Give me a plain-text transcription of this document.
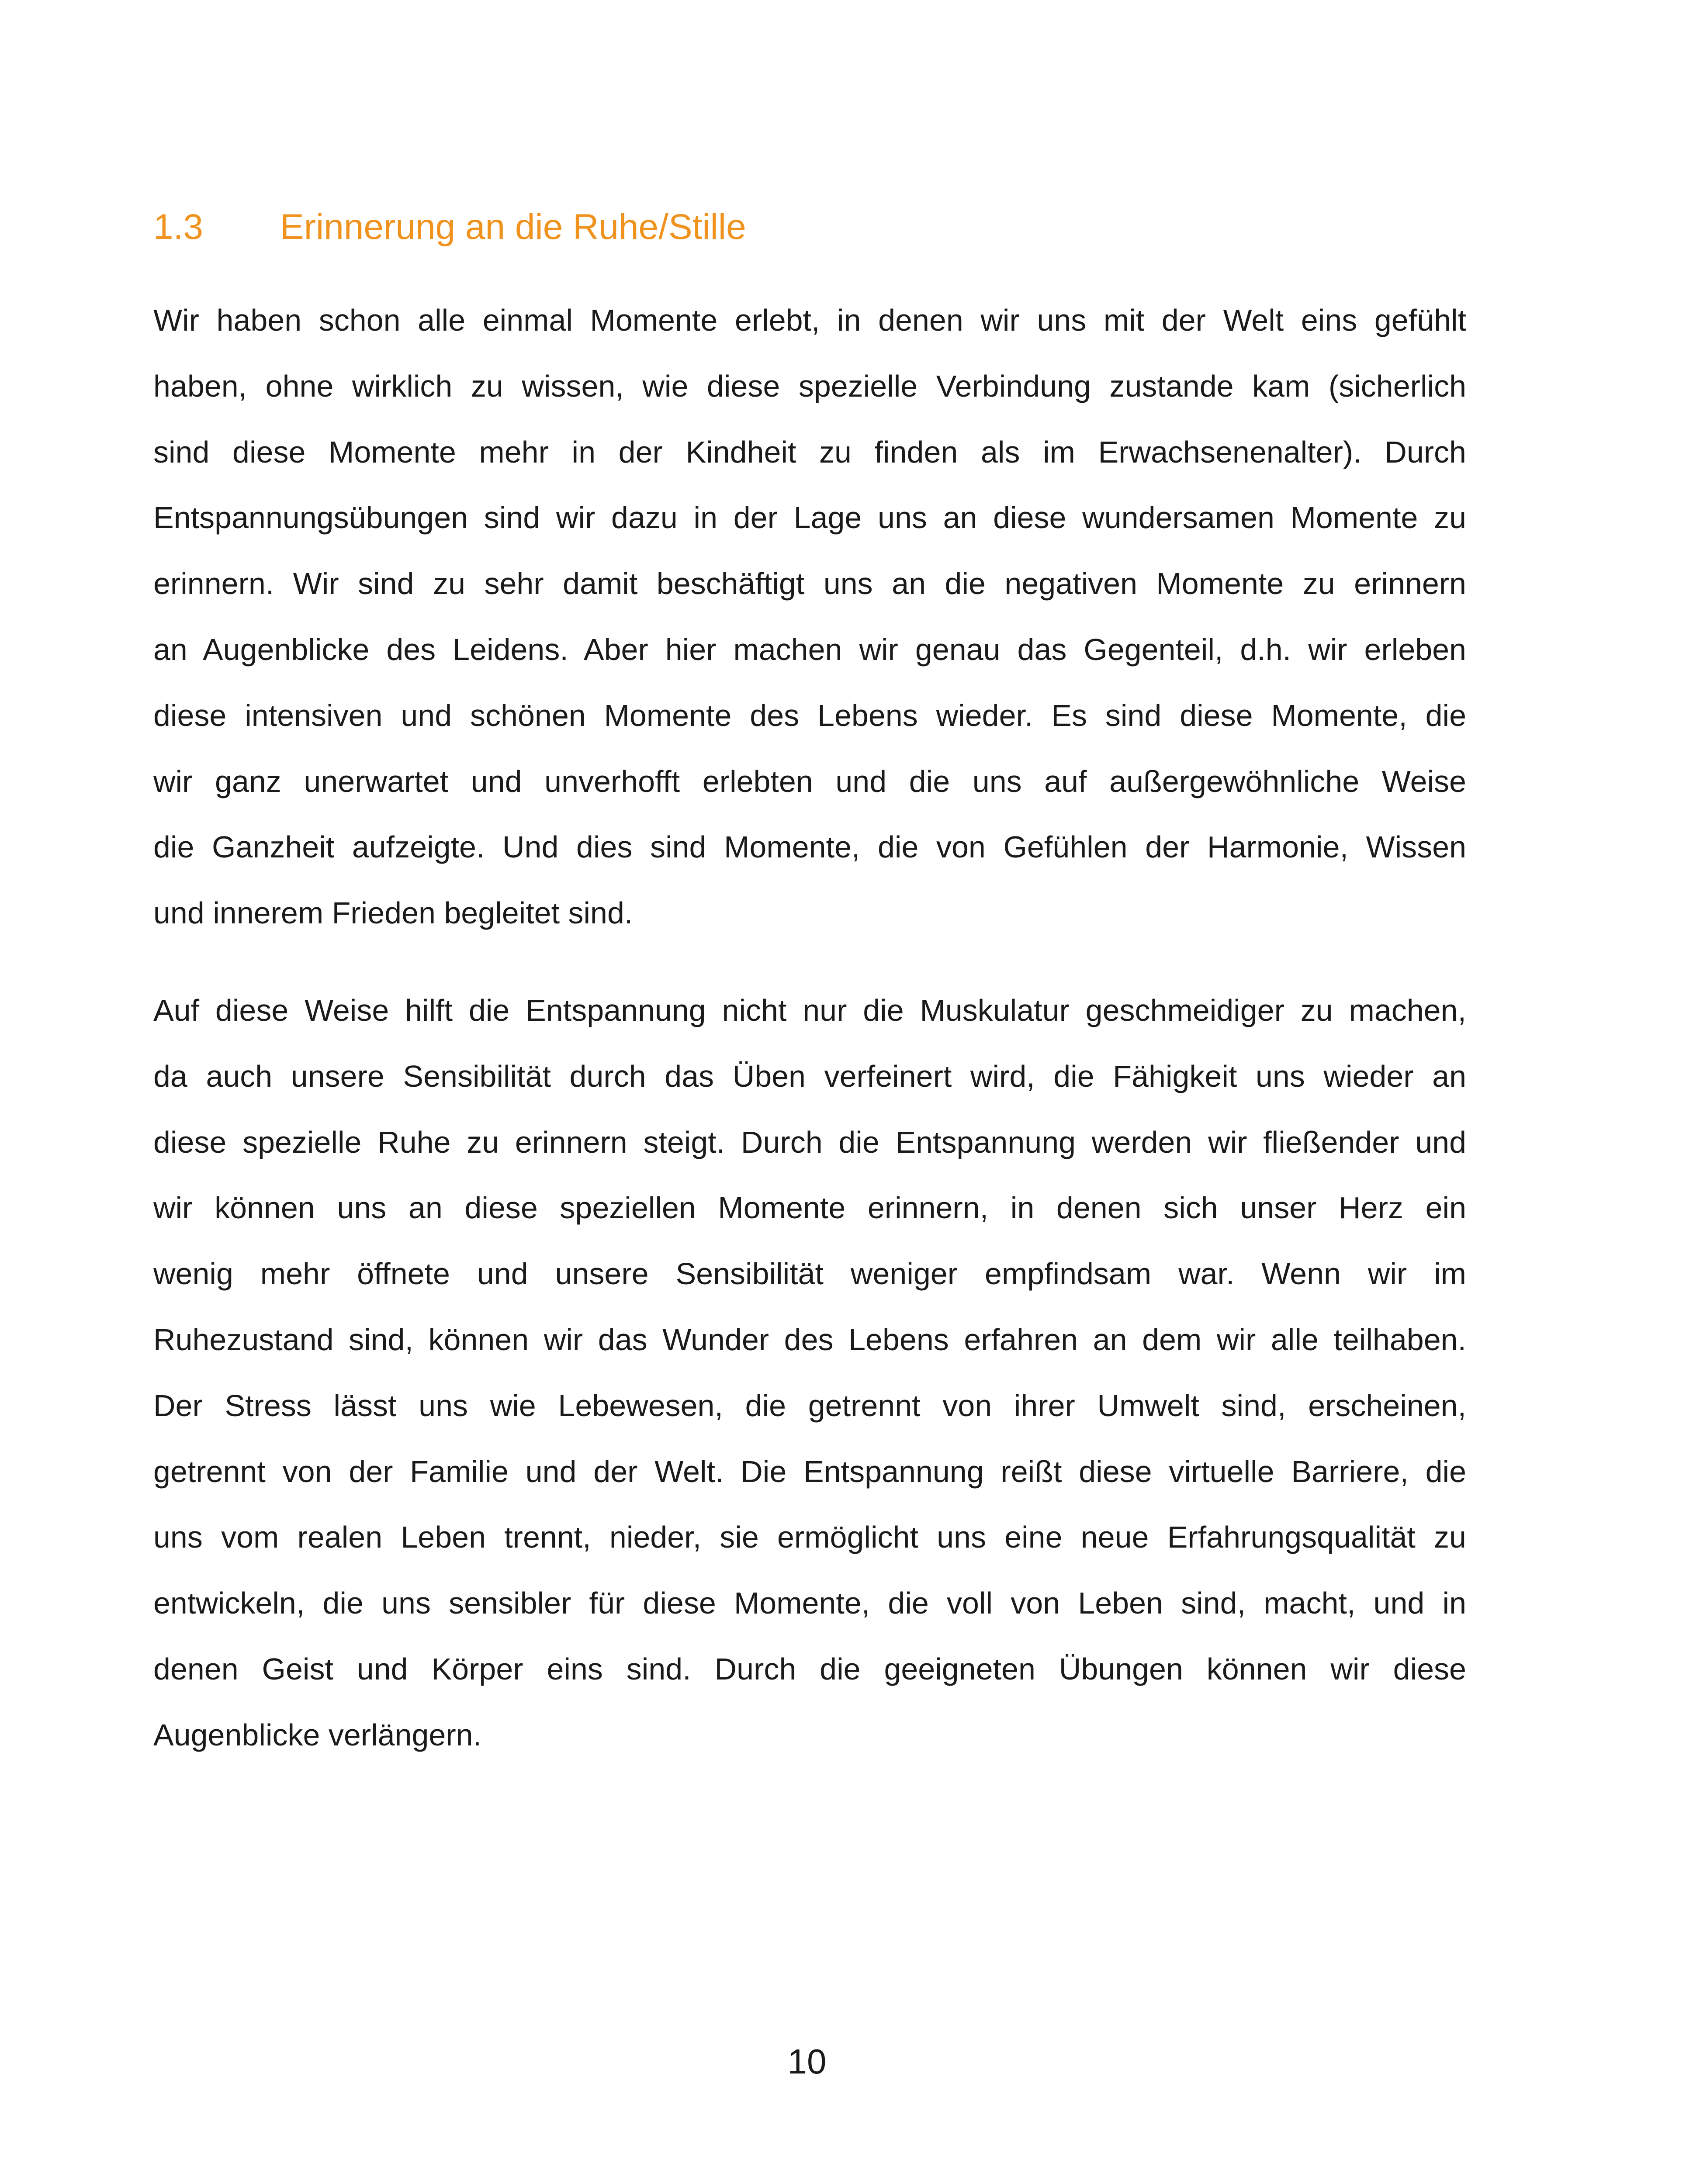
1.3 Erinnerung an die Ruhe/Stille
Wir haben schon alle einmal Momente erlebt, in denen wir uns mit der Welt eins gefühlt
haben, ohne wirklich zu wissen, wie diese spezielle Verbindung zustande kam (sicherlich
sind diese Momente mehr in der Kindheit zu finden als im Erwachsenenalter). Durch
Entspannungsübungen sind wir dazu in der Lage uns an diese wundersamen Momente zu
erinnern. Wir sind zu sehr damit beschäftigt uns an die negativen Momente zu erinnern
an Augenblicke des Leidens. Aber hier machen wir genau das Gegenteil, d.h. wir erleben
diese intensiven und schönen Momente des Lebens wieder. Es sind diese Momente, die
wir ganz unerwartet und unverhofft erlebten und die uns auf außergewöhnliche Weise
die Ganzheit aufzeigte. Und dies sind Momente, die von Gefühlen der Harmonie, Wissen
und innerem Frieden begleitet sind.
Auf diese Weise hilft die Entspannung nicht nur die Muskulatur geschmeidiger zu machen,
da auch unsere Sensibilität durch das Üben verfeinert wird, die Fähigkeit uns wieder an
diese spezielle Ruhe zu erinnern steigt. Durch die Entspannung werden wir fließender und
wir können uns an diese speziellen Momente erinnern, in denen sich unser Herz ein
wenig mehr öffnete und unsere Sensibilität weniger empfindsam war. Wenn wir im
Ruhezustand sind, können wir das Wunder des Lebens erfahren an dem wir alle teilhaben.
Der Stress lässt uns wie Lebewesen, die getrennt von ihrer Umwelt sind, erscheinen,
getrennt von der Familie und der Welt. Die Entspannung reißt diese virtuelle Barriere, die
uns vom realen Leben trennt, nieder, sie ermöglicht uns eine neue Erfahrungsqualität zu
entwickeln, die uns sensibler für diese Momente, die voll von Leben sind, macht, und in
denen Geist und Körper eins sind. Durch die geeigneten Übungen können wir diese
Augenblicke verlängern.
10
